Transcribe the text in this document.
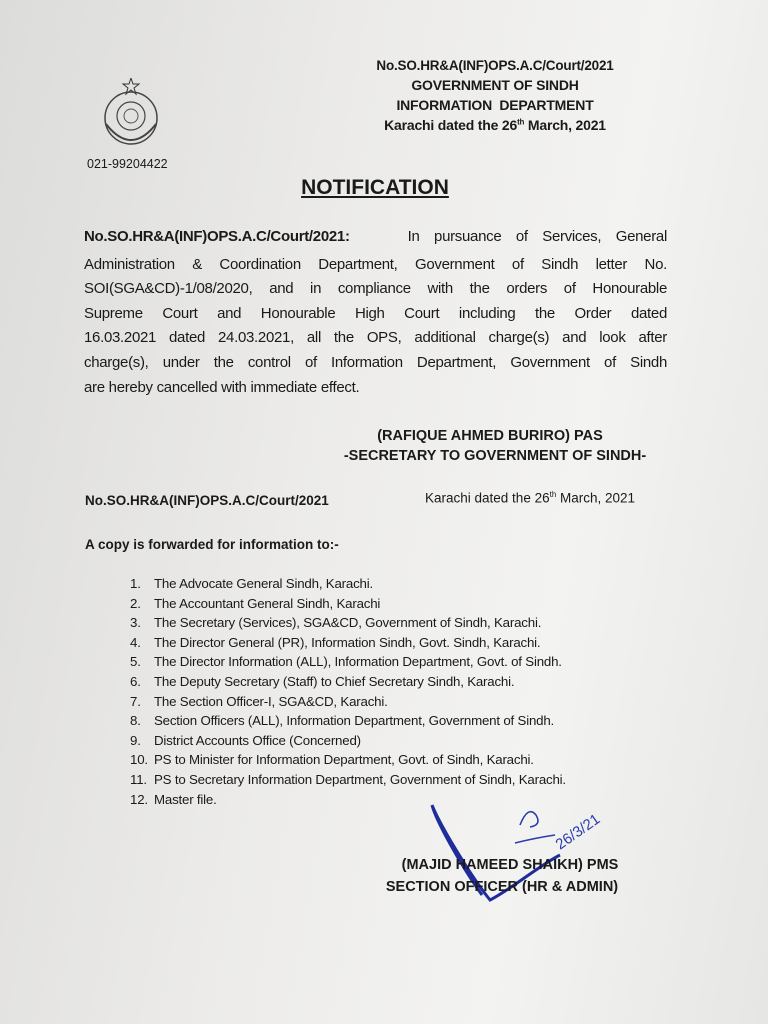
No.SO.HR&A(INF)OPS.A.C/Court/2021
GOVERNMENT OF SINDH
INFORMATION  DEPARTMENT
Karachi dated the 26th March, 2021
021-99204422
NOTIFICATION
No.SO.HR&A(INF)OPS.A.C/Court/2021:	In pursuance of Services, General
Administration & Coordination Department, Government of Sindh letter No.
SOI(SGA&CD)-1/08/2020, and in compliance with the orders of Honourable
Supreme Court and Honourable High Court including the Order dated
16.03.2021 dated 24.03.2021, all the OPS, additional charge(s) and look after
charge(s), under the control of Information Department, Government of Sindh
are hereby cancelled with immediate effect.
(RAFIQUE AHMED BURIRO) PAS
-SECRETARY TO GOVERNMENT OF SINDH-
No.SO.HR&A(INF)OPS.A.C/Court/2021	Karachi dated the 26th March, 2021
A copy is forwarded for information to:-
1. The Advocate General Sindh, Karachi.
2. The Accountant General Sindh, Karachi
3. The Secretary (Services), SGA&CD, Government of Sindh, Karachi.
4. The Director General (PR), Information Sindh, Govt. Sindh, Karachi.
5. The Director Information (ALL), Information Department, Govt. of Sindh.
6. The Deputy Secretary (Staff) to Chief Secretary Sindh, Karachi.
7. The Section Officer-I, SGA&CD, Karachi.
8. Section Officers (ALL), Information Department, Government of Sindh.
9. District Accounts Office (Concerned)
10. PS to Minister for Information Department, Govt. of Sindh, Karachi.
11. PS to Secretary Information Department, Government of Sindh, Karachi.
12. Master file.
26/3/21
(MAJID HAMEED SHAIKH) PMS
SECTION OFFICER (HR & ADMIN)
